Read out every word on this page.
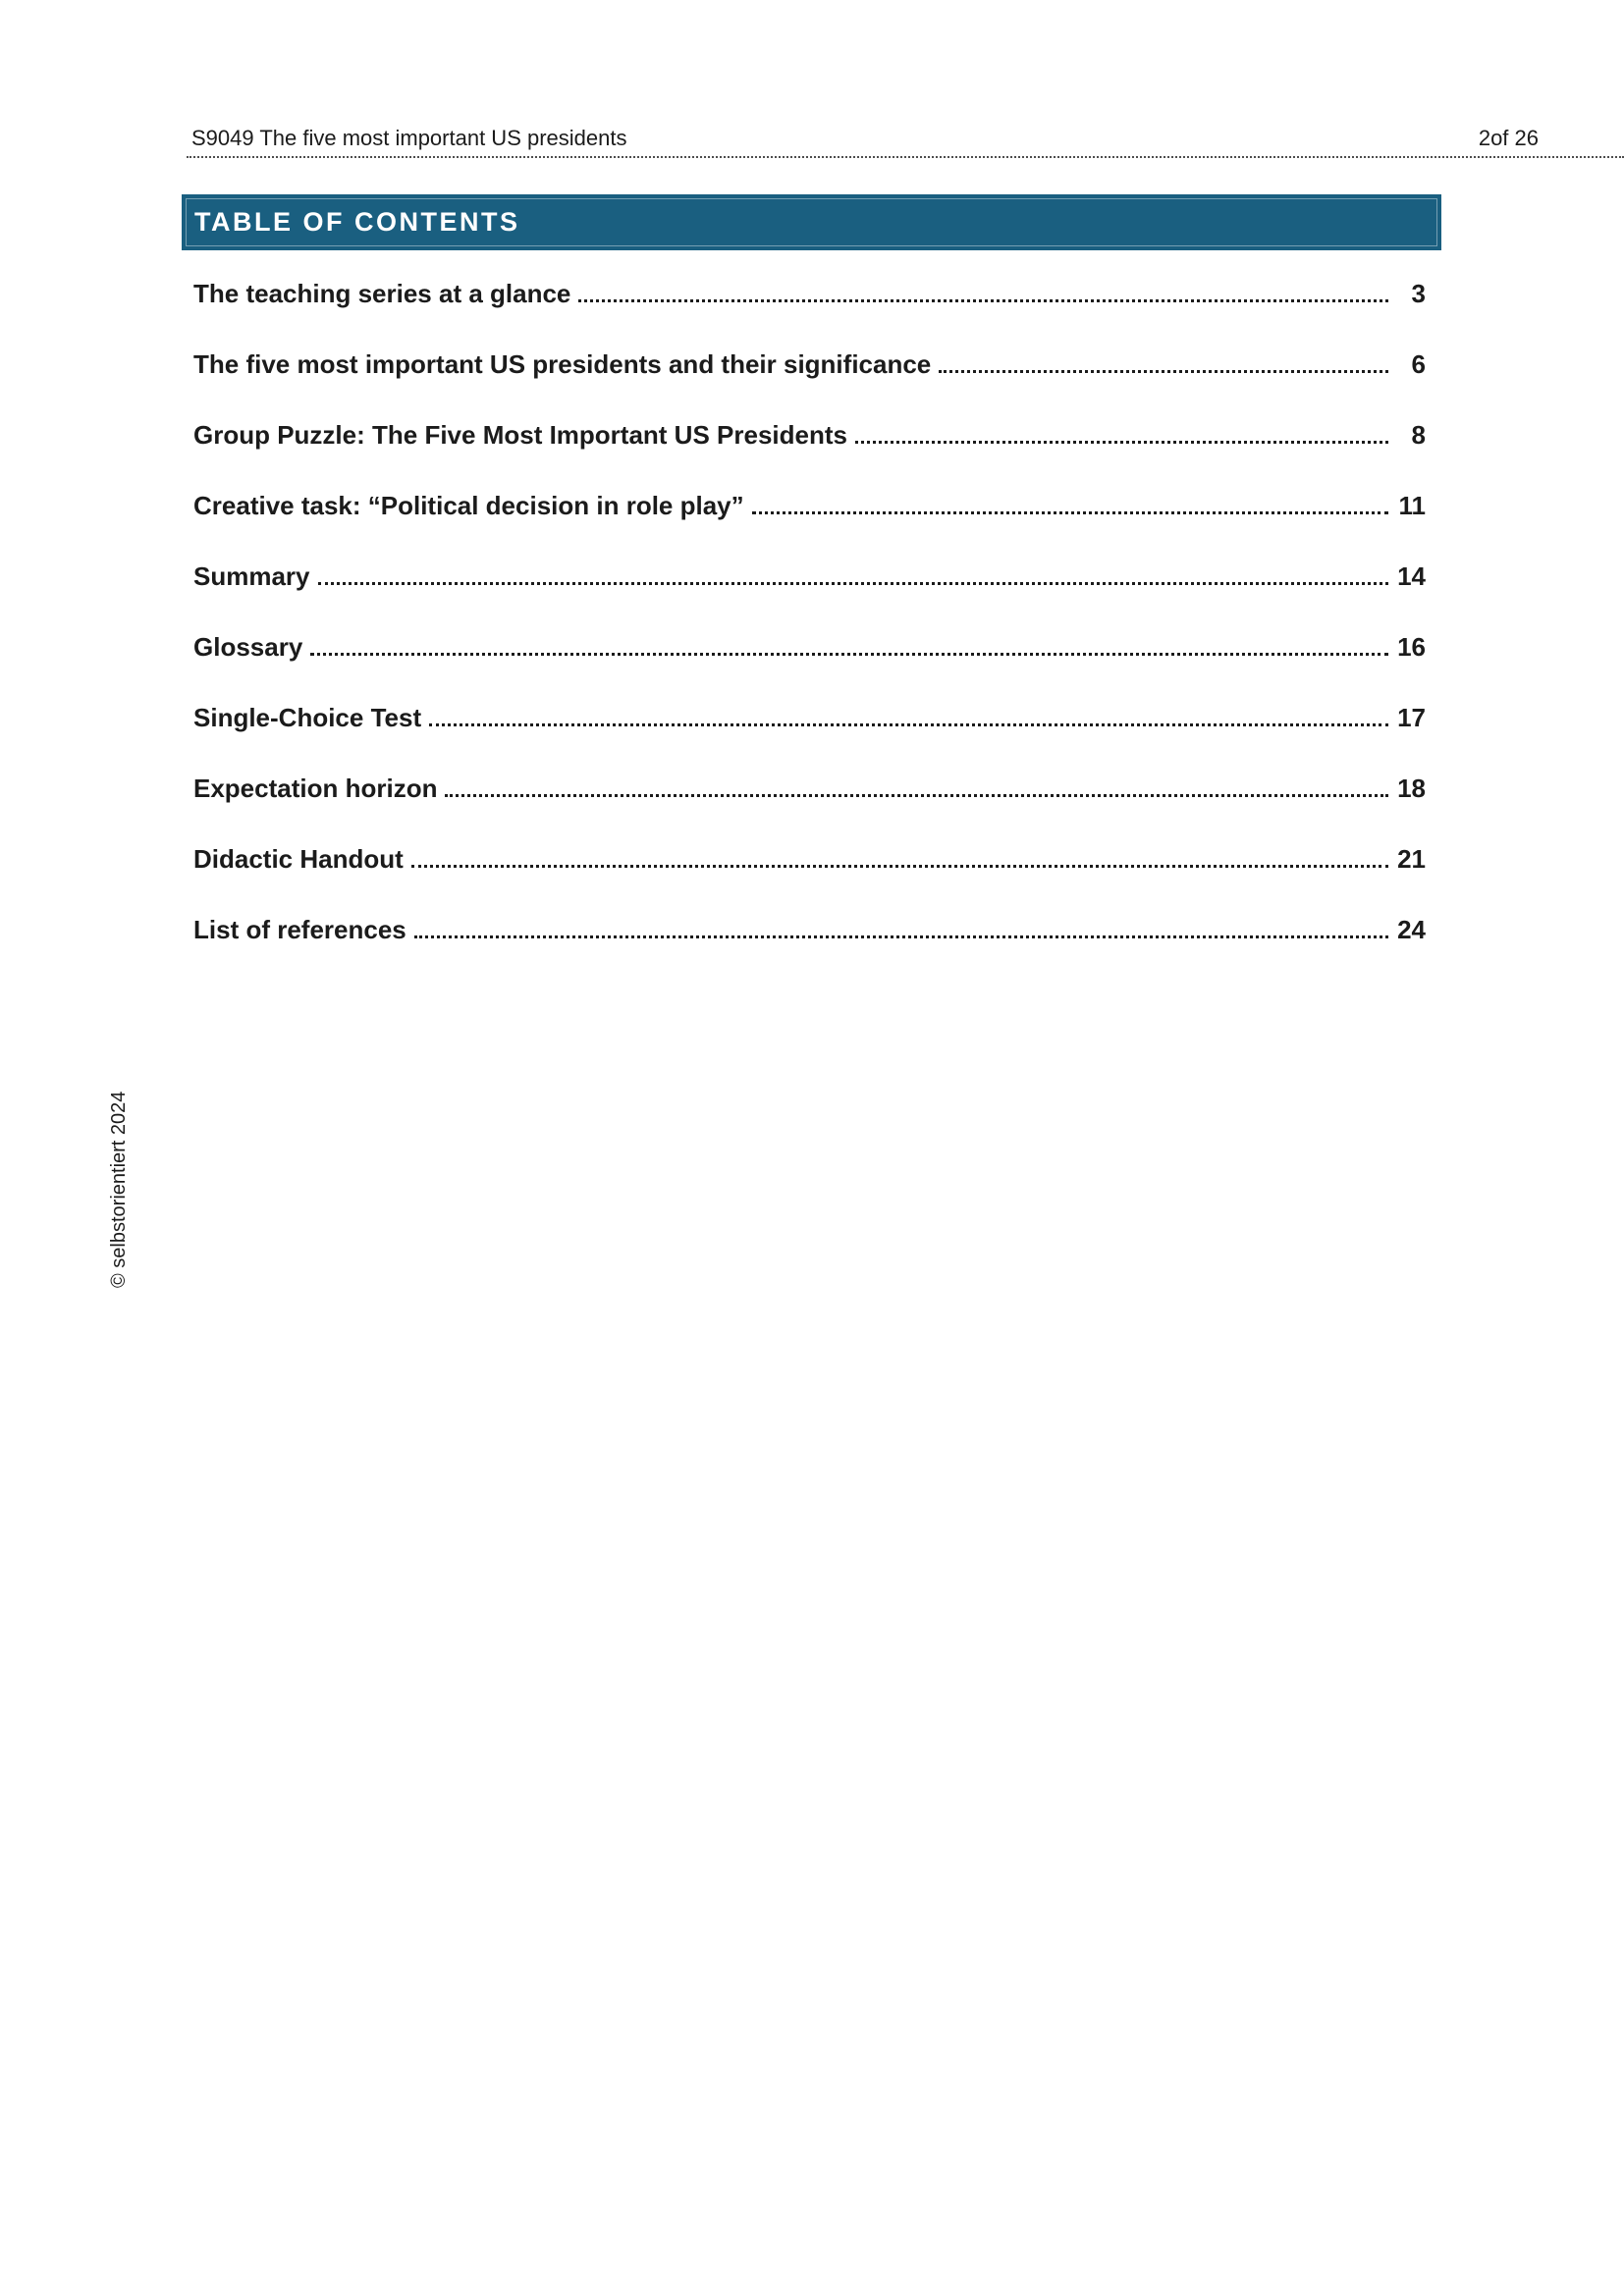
S9049 The five most important US presidents	2of 26
TABLE OF CONTENTS
The teaching series at a glance	3
The five most important US presidents and their significance	6
Group Puzzle: The Five Most Important US Presidents	8
Creative task: “Political decision in role play”	11
Summary	14
Glossary	16
Single-Choice Test	17
Expectation horizon	18
Didactic Handout	21
List of references	24
© selbstorientiert 2024
